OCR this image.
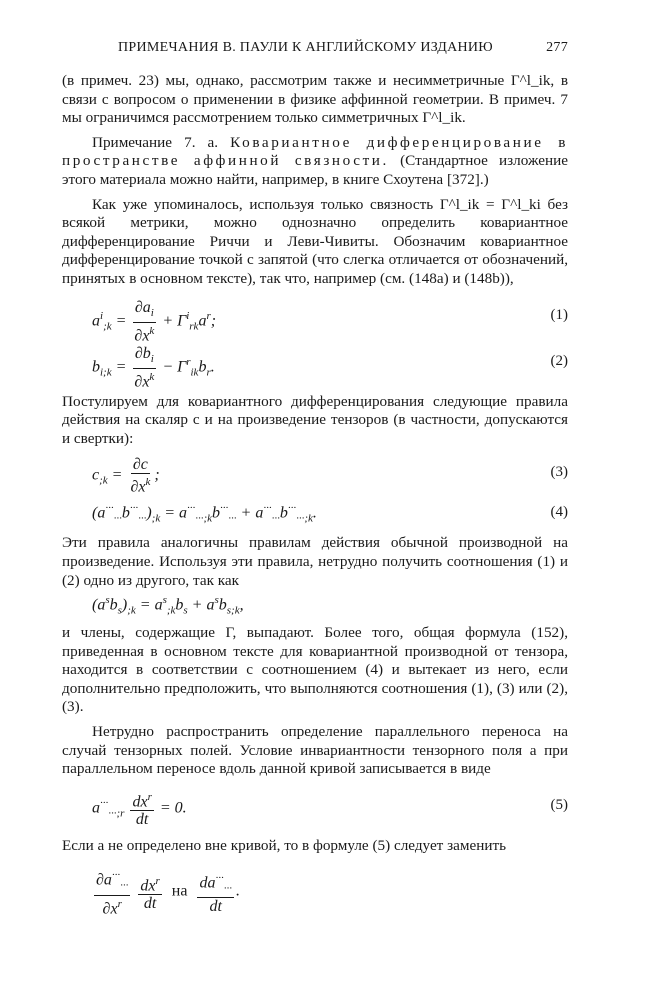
ПРИМЕЧАНИЯ В. ПАУЛИ К АНГЛИЙСКОМУ ИЗДАНИЮ	277

(в примеч. 23) мы, однако, рассмотрим также и несимметричные Γ^l_ik, в связи с вопросом о применении в физике аффинной геометрии. В примеч. 7 мы ограничимся рассмотрением только симметричных Γ^l_ik.

Примечание 7. а. Ковариантное дифференцирование в пространстве аффинной связности. (Стандартное изложение этого материала можно найти, например, в книге Схоутена [372].)

Как уже упоминалось, используя только связность Γ^l_ik = Γ^l_ki без всякой метрики, можно однозначно определить ковариантное дифференцирование Риччи и Леви-Чивиты. Обозначим ковариантное дифференцирование точкой с запятой (что слегка отличается от обозначений, принятых в основном тексте), так что, например (см. (148а) и (148b)),

$a^i_{;k} = \frac{\partial a_i}{\partial x^k} + \Gamma^i_{rk}a^r$;	(1)
$b_{i;k} = \frac{\partial b_i}{\partial x^k} - \Gamma^r_{ik}b_r$.	(2)

Постулируем для ковариантного дифференцирования следующие правила действия на скаляр c и на произведение тензоров (в частности, допускаются и свертки):

$c_{;k} = \frac{\partial c}{\partial x^k}$ ;	(3)
$(a^{\cdot\cdot\cdot}_{\cdot\cdot\cdot}b^{\cdot\cdot\cdot}_{\cdot\cdot\cdot})_{;k} = a^{\cdot\cdot\cdot}_{\cdot\cdot\cdot;k}b^{\cdot\cdot\cdot}_{\cdot\cdot\cdot} + a^{\cdot\cdot\cdot}_{\cdot\cdot\cdot}b^{\cdot\cdot\cdot}_{\cdot\cdot\cdot;k}$.	(4)

Эти правила аналогичны правилам действия обычной производной на произведение. Используя эти правила, нетрудно получить соотношения (1) и (2) одно из другого, так как

$(a^sb_s)_{;k} = a^s_{;k}b_s + a^sb_{s;k}$,

и члены, содержащие Γ, выпадают. Более того, общая формула (152), приведенная в основном тексте для ковариантной производной от тензора, находится в соответствии с соотношением (4) и вытекает из него, если дополнительно предположить, что выполняются соотношения (1), (3) или (2), (3).

Нетрудно распространить определение параллельного переноса на случай тензорных полей. Условие инвариантности тензорного поля a при параллельном переносе вдоль данной кривой записывается в виде

$a^{\cdot\cdot\cdot}_{\cdot\cdot\cdot;r} \frac{dx^r}{dt} = 0$.	(5)

Если a не определено вне кривой, то в формуле (5) следует заменить

$\frac{\partial a^{\cdot\cdot\cdot}_{\cdot\cdot\cdot}}{\partial x^r}$
$\frac{dx^r}{dt}$ на $\frac{da^{\cdot\cdot\cdot}_{\cdot\cdot\cdot}}{dt}$ .
